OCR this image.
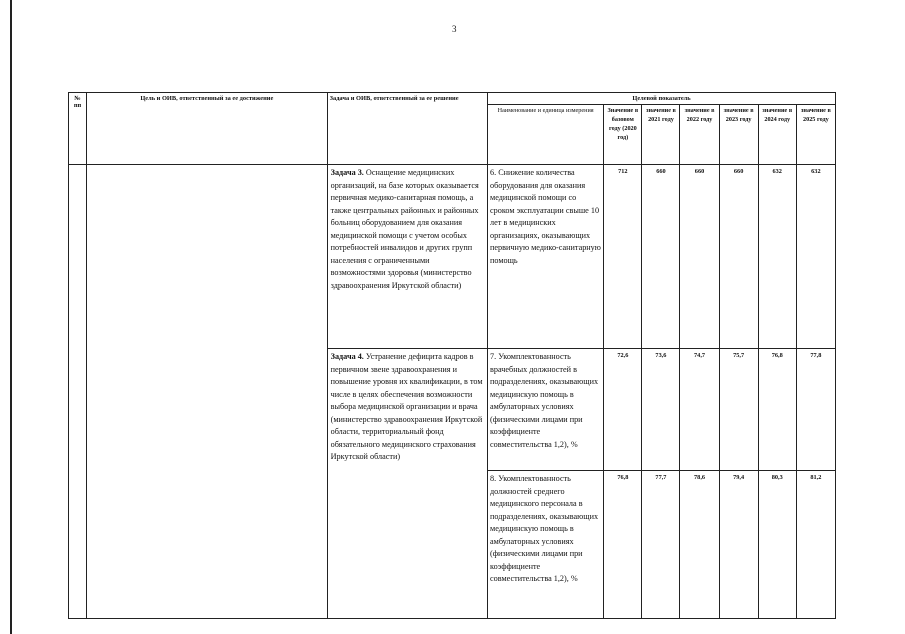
3
№
пп	Цель и ОИВ, ответственный за ее достижение	Задача и ОИВ, ответственный за ее решение	Целевой показатель						
			Наименование и единица измерения	Значение в базовом году (2020 год)	значение в 2021 году	значение в 2022 году	значение в 2023 году	значение в 2024 году	значение в 2025 году
		Задача 3. Оснащение медицинских организаций, на базе которых оказывается первичная медико-санитарная помощь, а также центральных районных и районных больниц оборудованием для оказания медицинской помощи с учетом особых потребностей инвалидов и других групп населения с ограниченными возможностями здоровья (министерство здравоохранения Иркутской области)	6. Снижение количества оборудования для оказания медицинской помощи со сроком эксплуатации свыше 10 лет в медицинских организациях, оказывающих первичную медико-санитарную помощь	712	660	660	660	632	632
		Задача 4. Устранение дефицита кадров в первичном звене здравоохранения и повышение уровня их квалификации, в том числе в целях обеспечения возможности выбора медицинской организации и врача (министерство здравоохранения Иркутской области, территориальный фонд обязательного медицинского страхования Иркутской области)	7. Укомплектованность врачебных должностей в подразделениях, оказывающих медицинскую помощь в амбулаторных условиях (физическими лицами при коэффициенте совместительства 1,2), %	72,6	73,6	74,7	75,7	76,8	77,8
			8. Укомплектованность должностей среднего медицинского персонала в подразделениях, оказывающих медицинскую помощь в амбулаторных условиях (физическими лицами при коэффициенте совместительства 1,2), %	76,8	77,7	78,6	79,4	80,3	81,2
